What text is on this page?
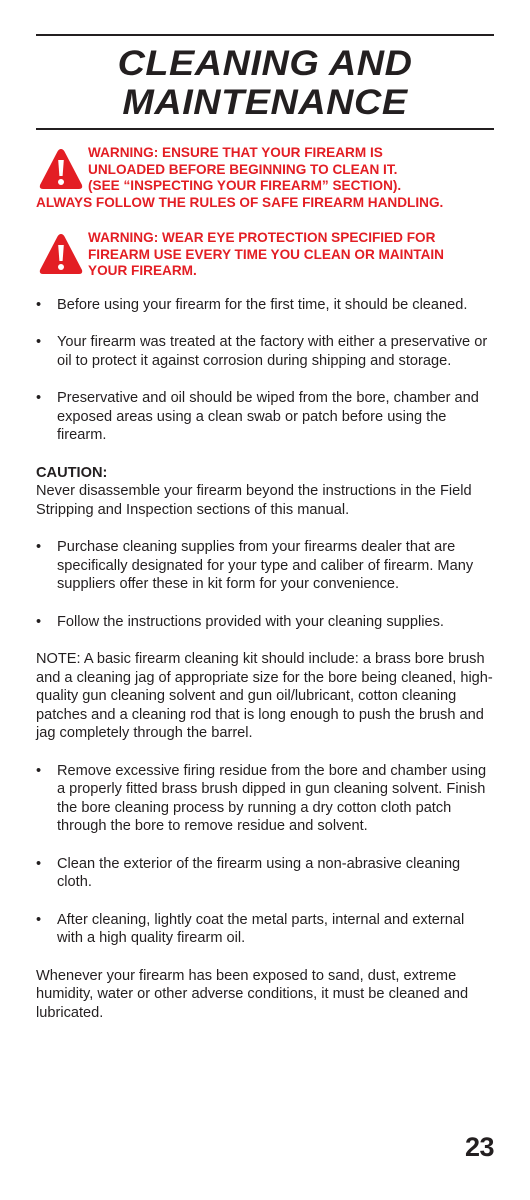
CLEANING AND
MAINTENANCE
WARNING: ENSURE THAT YOUR FIREARM IS
UNLOADED BEFORE BEGINNING TO CLEAN IT.
(SEE “INSPECTING YOUR FIREARM” SECTION).
ALWAYS FOLLOW THE RULES OF SAFE FIREARM HANDLING.
WARNING: WEAR EYE PROTECTION SPECIFIED FOR
FIREARM USE EVERY TIME YOU CLEAN OR MAINTAIN
YOUR FIREARM.
• Before using your firearm for the first time, it should be cleaned.
• Your firearm was treated at the factory with either a preservative or oil to protect it against corrosion during shipping and storage.
• Preservative and oil should be wiped from the bore, chamber and exposed areas using a clean swab or patch before using the firearm.
CAUTION:
Never disassemble your firearm beyond the instructions in the Field Stripping and Inspection sections of this manual.
• Purchase cleaning supplies from your firearms dealer that are specifically designated for your type and caliber of firearm. Many suppliers offer these in kit form for your convenience.
• Follow the instructions provided with your cleaning supplies.
NOTE: A basic firearm cleaning kit should include: a brass bore brush and a cleaning jag of appropriate size for the bore being cleaned, high-quality gun cleaning solvent and gun oil/lubricant, cotton cleaning patches and a cleaning rod that is long enough to push the brush and jag completely through the barrel.
• Remove excessive firing residue from the bore and chamber using a properly fitted brass brush dipped in gun cleaning solvent. Finish the bore cleaning process by running a dry cotton cloth patch through the bore to remove residue and solvent.
• Clean the exterior of the firearm using a non-abrasive cleaning cloth.
• After cleaning, lightly coat the metal parts, internal and external with a high quality firearm oil.
Whenever your firearm has been exposed to sand, dust, extreme humidity, water or other adverse conditions, it must be cleaned and lubricated.
23
